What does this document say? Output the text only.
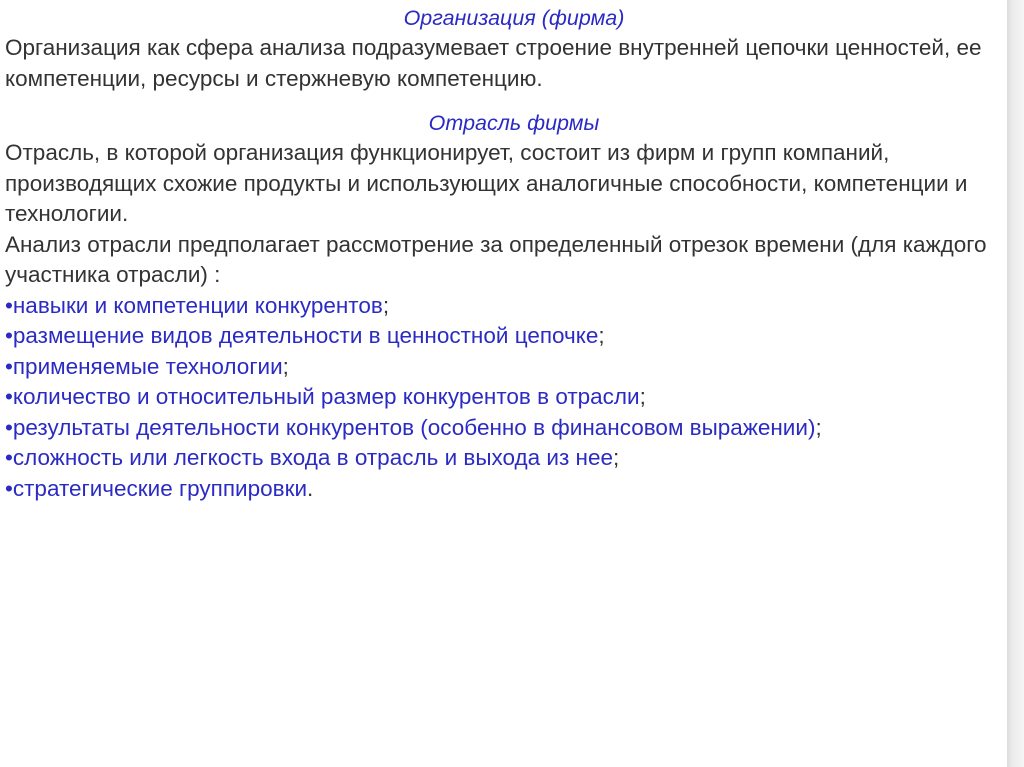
Организация (фирма)

Организация как сфера анализа подразумевает строение внутренней цепочки ценностей, ее компетенции, ресурсы и стержневую компетенцию.

Отрасль фирмы

Отрасль, в которой организация функционирует, состоит из фирм и групп компаний, производящих схожие продукты и использующих аналогичные способности, компетенции и технологии.

Анализ отрасли предполагает рассмотрение за определенный отрезок времени (для каждого участника отрасли) :

•навыки и компетенции конкурентов;
•размещение видов деятельности в ценностной цепочке;
•применяемые технологии;
•количество и относительный размер конкурентов в отрасли;
•результаты деятельности конкурентов (особенно в финансовом выражении);
•сложность или легкость входа в отрасль и выхода из нее;
•стратегические группировки.
